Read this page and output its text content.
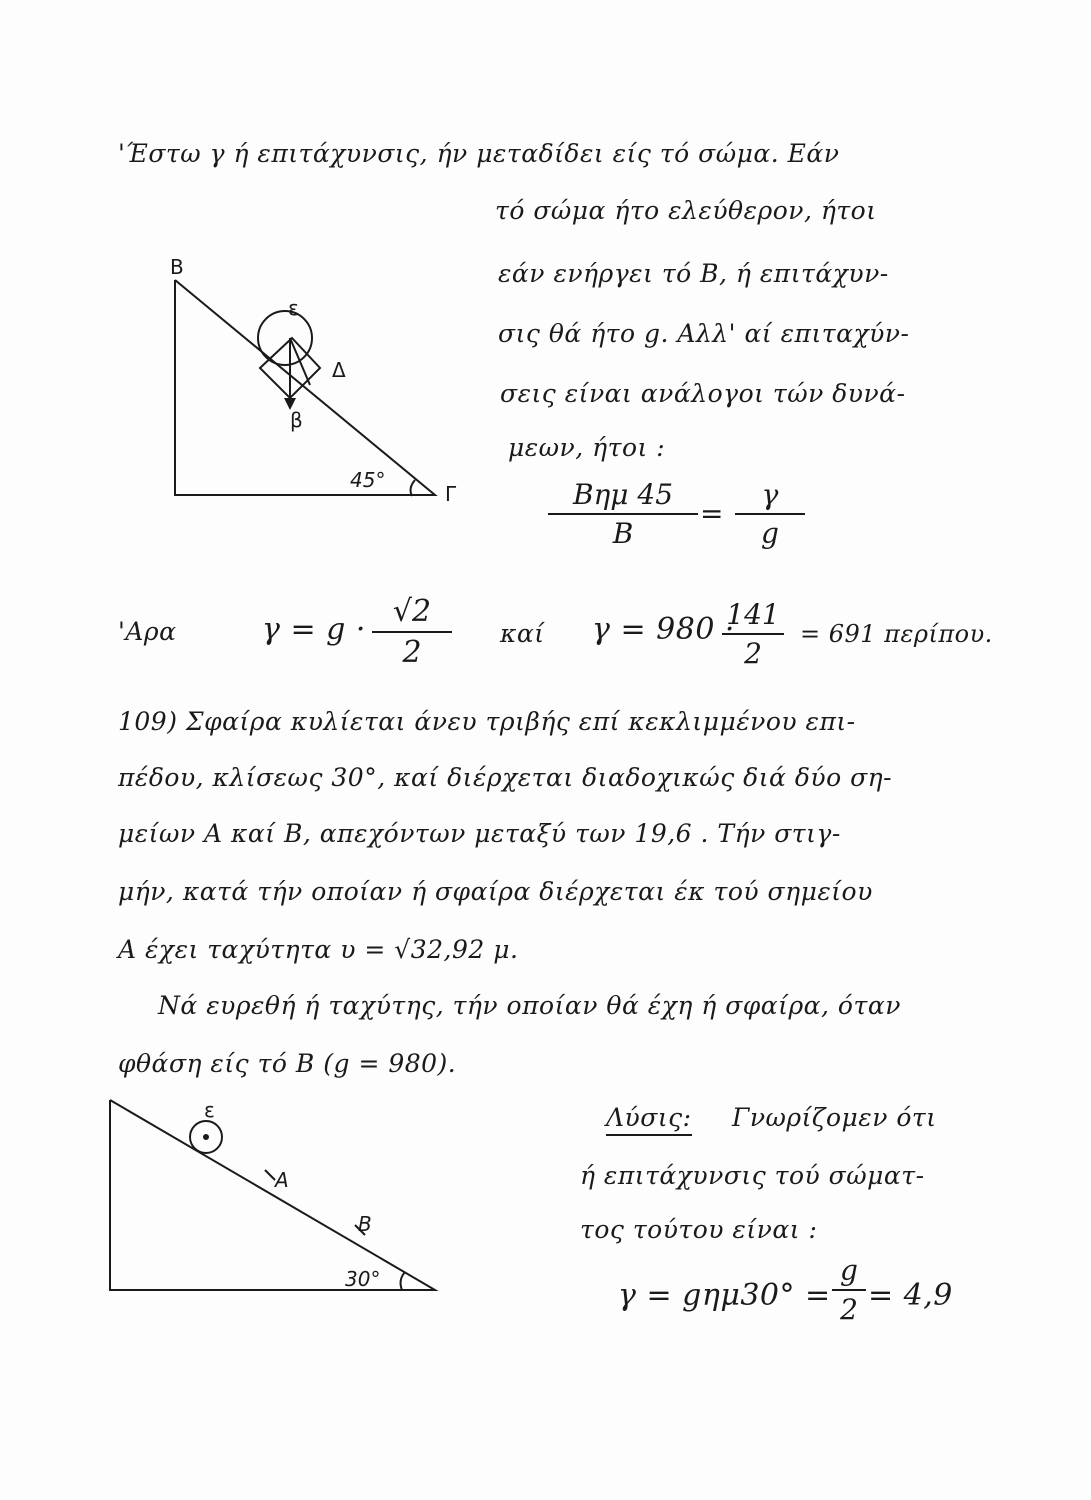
'Έστω γ ή επιτάχυνσις, ήν μεταδίδει είς τό σώμα. Εάν
τό σώμα ήτο ελεύθερον, ήτοι
εάν ενήργει τό Β, ή επιτάχυν-
σις θά ήτο g. Αλλ' αί επιταχύν-
σεις είναι ανάλογοι τών δυνά-
μεων, ήτοι :
Β
ε
Δ
β
45°
Γ	Βημ 45
Β
=
γ
g
'Αρα	γ = g ·
√2
2
καί γ = 980 ·
141
2
= 691 περίπου.
109) Σφαίρα κυλίεται άνευ τριβής επί κεκλιμμένου επι-
πέδου, κλίσεως 30°, καί διέρχεται διαδοχικώς διά δύο ση-
μείων Α καί Β, απεχόντων μεταξύ των 19,6 . Τήν στιγ-
μήν, κατά τήν οποίαν ή σφαίρα διέρχεται έκ τού σημείου
Α έχει ταχύτητα υ = √32,92 μ.
Νά ευρεθή ή ταχύτης, τήν οποίαν θά έχη ή σφαίρα, όταν
φθάση είς τό Β (g = 980).
ε
Α
Β
30°
Λύσις: Γνωρίζομεν ότι
ή επιτάχυνσις τού σώματ-
τος τούτου είναι :
γ = gημ30° =
g
2 = 4,9
